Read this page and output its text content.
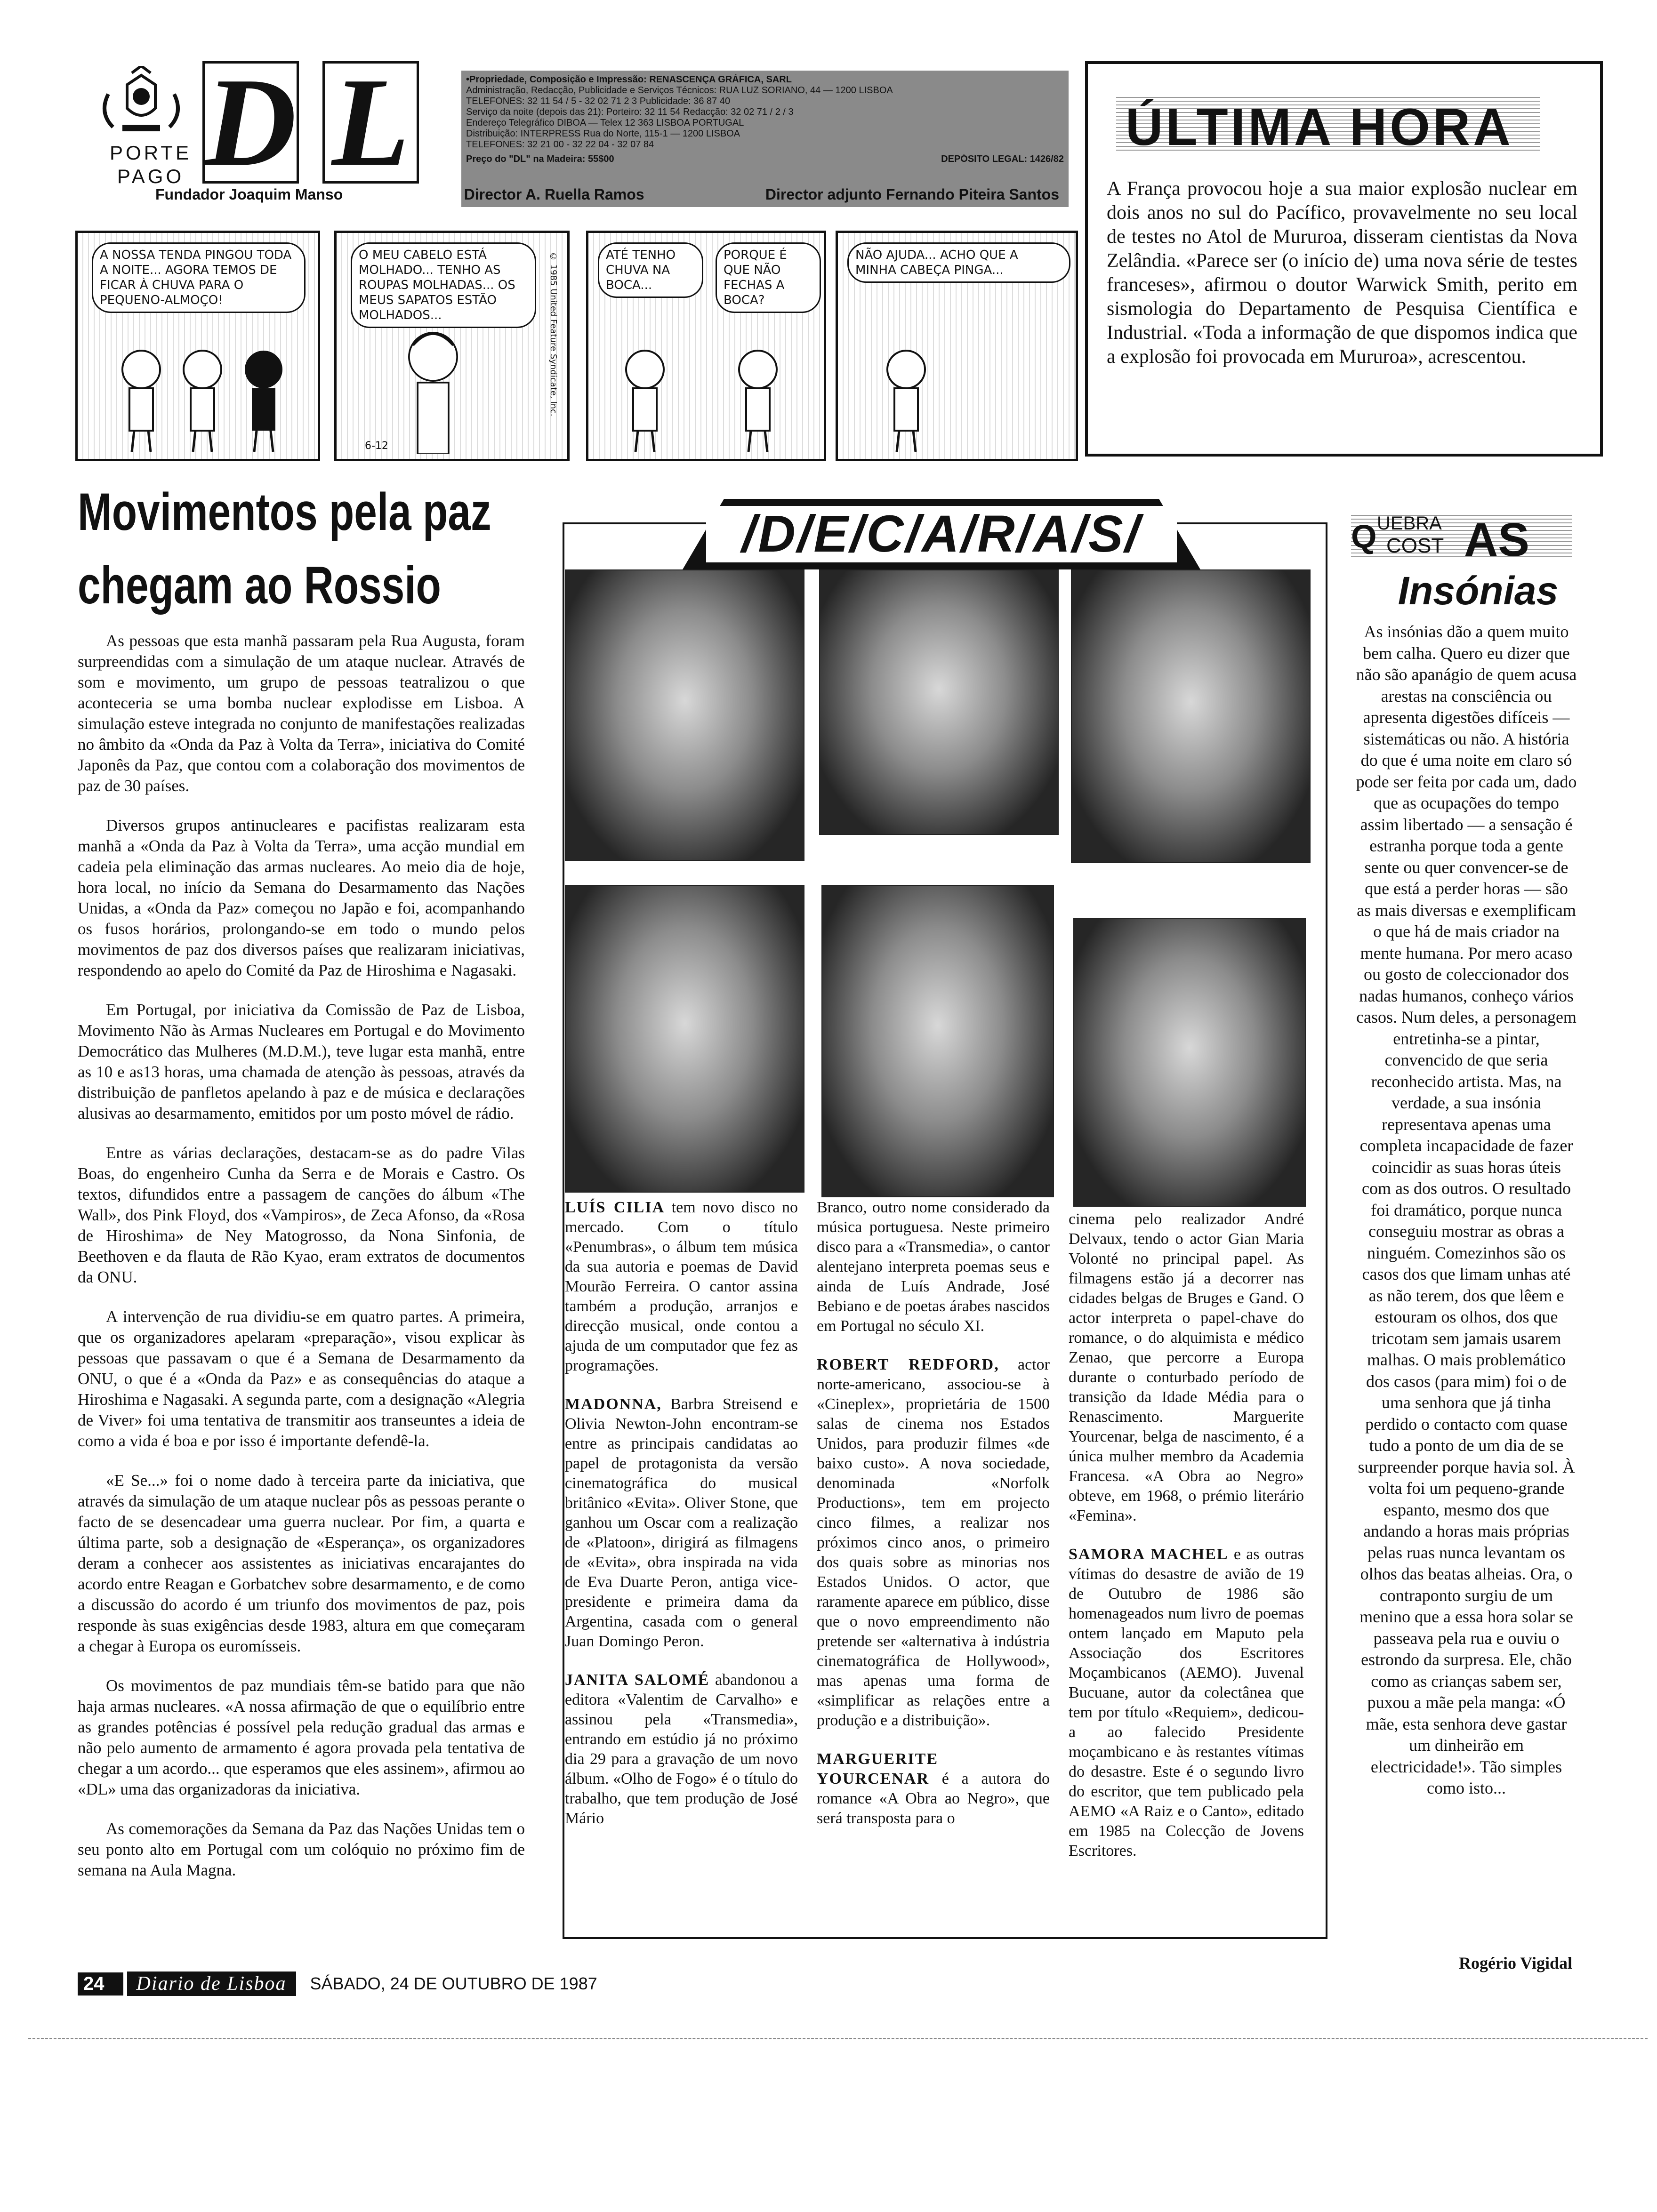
PORTE
PAGO D L	•Propriedade, Composição e Impressão: RENASCENÇA GRÁFICA, SARL
Administração, Redacção, Publicidade e Serviços Técnicos: RUA LUZ SORIANO, 44 — 1200 LISBOA
TELEFONES: 32 11 54 / 5 - 32 02 71 2 3 Publicidade: 36 87 40
Serviço da noite (depois das 21): Porteiro: 32 11 54 Redacção: 32 02 71 / 2 / 3
Endereço Telegráfico DIBOA — Telex 12 363 LISBOA PORTUGAL
Distribuição: INTERPRESS Rua do Norte, 115-1 — 1200 LISBOA
TELEFONES: 32 21 00 - 32 22 04 - 32 07 84
Preço do "DL" na Madeira: 55$00	DEPÓSITO LEGAL: 1426/82
Fundador Joaquim Manso	Director A. Ruella Ramos	Director adjunto Fernando Piteira Santos
A NOSSA TENDA PINGOU TODA A NOITE... AGORA TEMOS DE FICAR À CHUVA PARA O PEQUENO-ALMOÇO!
O MEU CABELO ESTÁ MOLHADO... TENHO AS ROUPAS MOLHADAS... OS MEUS SAPATOS ESTÃO MOLHADOS...	© 1985 United Feature Syndicate, Inc.
6-12
ATÉ TENHO CHUVA NA BOCA...
PORQUE É QUE NÃO FECHAS A BOCA?
NÃO AJUDA... ACHO QUE A MINHA CABEÇA PINGA...
ÚLTIMA HORA
A França provocou hoje a sua maior explosão nuclear em dois anos no sul do Pacífico, provavelmente no seu local de testes no Atol de Mururoa, disseram cientistas da Nova Zelândia. «Parece ser (o início de) uma nova série de testes franceses», afirmou o doutor Warwick Smith, perito em sismologia do Departamento de Pesquisa Científica e Industrial. «Toda a informação de que dispomos indica que a explosão foi provocada em Mururoa», acrescentou.
Movimentos pela paz
chegam ao Rossio

As pessoas que esta manhã passaram pela Rua Augusta, foram surpreendidas com a simulação de um ataque nuclear. Através de som e movimento, um grupo de pessoas teatralizou o que aconteceria se uma bomba nuclear explodisse em Lisboa. A simulação esteve integrada no conjunto de manifestações realizadas no âmbito da «Onda da Paz à Volta da Terra», iniciativa do Comité Japonês da Paz, que contou com a colaboração dos movimentos de paz de 30 países.

Diversos grupos antinucleares e pacifistas realizaram esta manhã a «Onda da Paz à Volta da Terra», uma acção mundial em cadeia pela eliminação das armas nucleares. Ao meio dia de hoje, hora local, no início da Semana do Desarmamento das Nações Unidas, a «Onda da Paz» começou no Japão e foi, acompanhando os fusos horários, prolongando-se em todo o mundo pelos movimentos de paz dos diversos países que realizaram iniciativas, respondendo ao apelo do Comité da Paz de Hiroshima e Nagasaki.

Em Portugal, por iniciativa da Comissão de Paz de Lisboa, Movimento Não às Armas Nucleares em Portugal e do Movimento Democrático das Mulheres (M.D.M.), teve lugar esta manhã, entre as 10 e as13 horas, uma chamada de atenção às pessoas, através da distribuição de panfletos apelando à paz e de música e declarações alusivas ao desarmamento, emitidos por um posto móvel de rádio.

Entre as várias declarações, destacam-se as do padre Vilas Boas, do engenheiro Cunha da Serra e de Morais e Castro. Os textos, difundidos entre a passagem de canções do álbum «The Wall», dos Pink Floyd, dos «Vampiros», de Zeca Afonso, da «Rosa de Hiroshima» de Ney Matogrosso, da Nona Sinfonia, de Beethoven e da flauta de Rão Kyao, eram extratos de documentos da ONU.

A intervenção de rua dividiu-se em quatro partes. A primeira, que os organizadores apelaram «preparação», visou explicar às pessoas que passavam o que é a Semana de Desarmamento da ONU, o que é a «Onda da Paz» e as consequências do ataque a Hiroshima e Nagasaki. A segunda parte, com a designação «Alegria de Viver» foi uma tentativa de transmitir aos transeuntes a ideia de como a vida é boa e por isso é importante defendê-la.

«E Se...» foi o nome dado à terceira parte da iniciativa, que através da simulação de um ataque nuclear pôs as pessoas perante o facto de se desencadear uma guerra nuclear. Por fim, a quarta e última parte, sob a designação de «Esperança», os organizadores deram a conhecer aos assistentes as iniciativas encarajantes do acordo entre Reagan e Gorbatchev sobre desarmamento, e de como a discussão do acordo é um triunfo dos movimentos de paz, pois responde às suas exigências desde 1983, altura em que começaram a chegar à Europa os euromísseis.

Os movimentos de paz mundiais têm-se batido para que não haja armas nucleares. «A nossa afirmação de que o equilíbrio entre as grandes potências é possível pela redução gradual das armas e não pelo aumento de armamento é agora provada pela tentativa de chegar a um acordo... que esperamos que eles assinem», afirmou ao «DL» uma das organizadoras da iniciativa.

As comemorações da Semana da Paz das Nações Unidas tem o seu ponto alto em Portugal com um colóquio no próximo fim de semana na Aula Magna.

/D/E/C/A/R/A/S/

LUÍS CILIA tem novo disco no mercado. Com o título «Penumbras», o álbum tem música da sua autoria e poemas de David Mourão Ferreira. O cantor assina também a produção, arranjos e direcção musical, onde contou a ajuda de um computador que fez as programações.

MADONNA, Barbra Streisend e Olivia Newton-John encontram-se entre as principais candidatas ao papel de protagonista da versão cinematográfica do musical britânico «Evita». Oliver Stone, que ganhou um Oscar com a realização de «Platoon», dirigirá as filmagens de «Evita», obra inspirada na vida de Eva Duarte Peron, antiga vice-presidente e primeira dama da Argentina, casada com o general Juan Domingo Peron.

JANITA SALOMÉ abandonou a editora «Valentim de Carvalho» e assinou pela «Transmedia», entrando em estúdio já no próximo dia 29 para a gravação de um novo álbum. «Olho de Fogo» é o título do trabalho, que tem produção de José Mário

Branco, outro nome considerado da música portuguesa. Neste primeiro disco para a «Transmedia», o cantor alentejano interpreta poemas seus e ainda de Luís Andrade, José Bebiano e de poetas árabes nascidos em Portugal no século XI.

ROBERT REDFORD, actor norte-americano, associou-se à «Cineplex», proprietária de 1500 salas de cinema nos Estados Unidos, para produzir filmes «de baixo custo». A nova sociedade, denominada «Norfolk Productions», tem em projecto cinco filmes, a realizar nos próximos cinco anos, o primeiro dos quais sobre as minorias nos Estados Unidos. O actor, que raramente aparece em público, disse que o novo empreendimento não pretende ser «alternativa à indústria cinematográfica de Hollywood», mas apenas uma forma de «simplificar as relações entre a produção e a distribuição».

MARGUERITE YOURCENAR é a autora do romance «A Obra ao Negro», que será transposta para o

cinema pelo realizador André Delvaux, tendo o actor Gian Maria Volonté no principal papel. As filmagens estão já a decorrer nas cidades belgas de Bruges e Gand. O actor interpreta o papel-chave do romance, o do alquimista e médico Zenao, que percorre a Europa durante o conturbado período de transição da Idade Média para o Renascimento. Marguerite Yourcenar, belga de nascimento, é a única mulher membro da Academia Francesa. «A Obra ao Negro» obteve, em 1968, o prémio literário «Femina».

SAMORA MACHEL e as outras vítimas do desastre de avião de 19 de Outubro de 1986 são homenageados num livro de poemas ontem lançado em Maputo pela Associação dos Escritores Moçambicanos (AEMO). Juvenal Bucuane, autor da colectânea que tem por título «Requiem», dedicou-a ao falecido Presidente moçambicano e às restantes vítimas do desastre. Este é o segundo livro do escritor, que tem publicado pela AEMO «A Raiz e o Canto», editado em 1985 na Colecção de Jovens Escritores.

Q UEBRA
COST AS
Insónias
As insónias dão a quem muito bem calha. Quero eu dizer que não são apanágio de quem acusa arestas na consciência ou apresenta digestões difíceis — sistemáticas ou não. A história do que é uma noite em claro só pode ser feita por cada um, dado que as ocupações do tempo assim libertado — a sensação é estranha porque toda a gente sente ou quer convencer-se de que está a perder horas — são as mais diversas e exemplificam o que há de mais criador na mente humana. Por mero acaso ou gosto de coleccionador dos nadas humanos, conheço vários casos. Num deles, a personagem entretinha-se a pintar, convencido de que seria reconhecido artista. Mas, na verdade, a sua insónia representava apenas uma completa incapacidade de fazer coincidir as suas horas úteis com as dos outros. O resultado foi dramático, porque nunca conseguiu mostrar as obras a ninguém. Comezinhos são os casos dos que limam unhas até as não terem, dos que lêem e estouram os olhos, dos que tricotam sem jamais usarem malhas. O mais problemático dos casos (para mim) foi o de uma senhora que já tinha perdido o contacto com quase tudo a ponto de um dia de se surpreender porque havia sol. À volta foi um pequeno-grande espanto, mesmo dos que andando a horas mais próprias pelas ruas nunca levantam os olhos das beatas alheias. Ora, o contraponto surgiu de um menino que a essa hora solar se passeava pela rua e ouviu o estrondo da surpresa. Ele, chão como as crianças sabem ser, puxou a mãe pela manga: «Ó mãe, esta senhora deve gastar um dinheirão em electricidade!». Tão simples como isto...
Rogério Vigidal
24	Diario de Lisboa	SÁBADO, 24 DE OUTUBRO DE 1987
